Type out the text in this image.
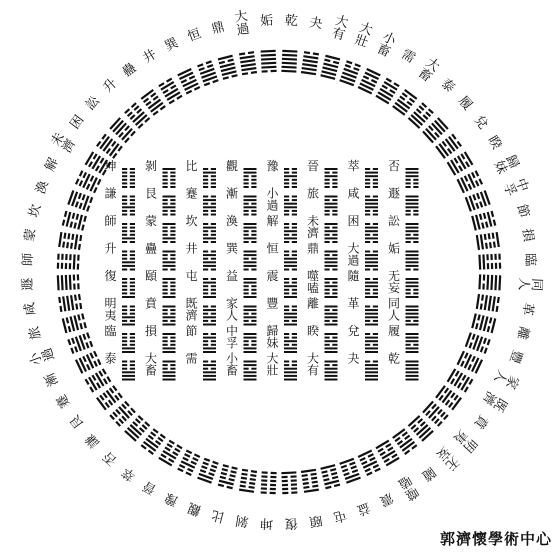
乾 夬 大有 大壯 小畜 需 大畜
泰
履
兌
睽
歸妹
中孚
節
損
臨
同人
革
離
豐
家人
既濟
賁
明夷
无妄
隨
噬嗑
震
益
屯
頤
復
姤
大過
鼎
恒
巽
井
蠱
升
訟
困
未濟
解
渙
坎
蒙
師
遯
咸
旅
小過
漸
蹇
艮
謙
否
萃
晉
豫 觀 比 剝 坤
否
萃
晉
豫
觀
比
剝
坤
遯
咸
旅
小過
漸
蹇
艮
謙
訟
困
未濟
解
渙
坎
蒙
師
姤
大過
鼎
恒
巽
井
蠱
升
无妄
隨
噬嗑
震
益
屯
頤
復
同人
革
離
豐
家人
既濟
賁
明夷
履
兌
睽
歸妹
中孚
節
損
臨
乾
夬
大有
大壯
小畜
需
大畜
泰
郭濟懷學術中心
